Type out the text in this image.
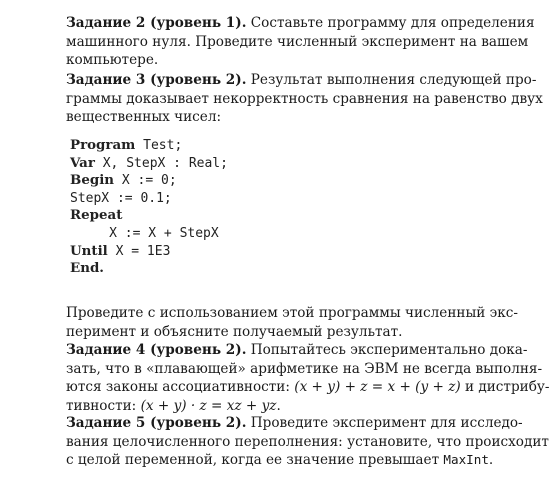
Задание 2 (уровень 1). Составьте программу для определения
машинного нуля. Проведите численный эксперимент на вашем
компьютере.

Задание 3 (уровень 2). Результат выполнения следующей про-
граммы доказывает некорректность сравнения на равенство двух
вещественных чисел:

Program Test;
Var X, StepX : Real;
Begin X := 0;
StepX := 0.1;
Repeat
X := X + StepX
Until X = 1E3
End.

Проведите с использованием этой программы численный экс-
перимент и объясните получаемый результат.

Задание 4 (уровень 2). Попытайтесь экспериментально дока-
зать, что в «плавающей» арифметике на ЭВМ не всегда выполня-
ются законы ассоциативности: (x + y) + z = x + (y + z) и дистрибу-
тивности: (x + y) · z = xz + yz.

Задание 5 (уровень 2). Проведите эксперимент для исследо-
вания целочисленного переполнения: установите, что происходит
с целой переменной, когда ее значение превышает MaxInt.
